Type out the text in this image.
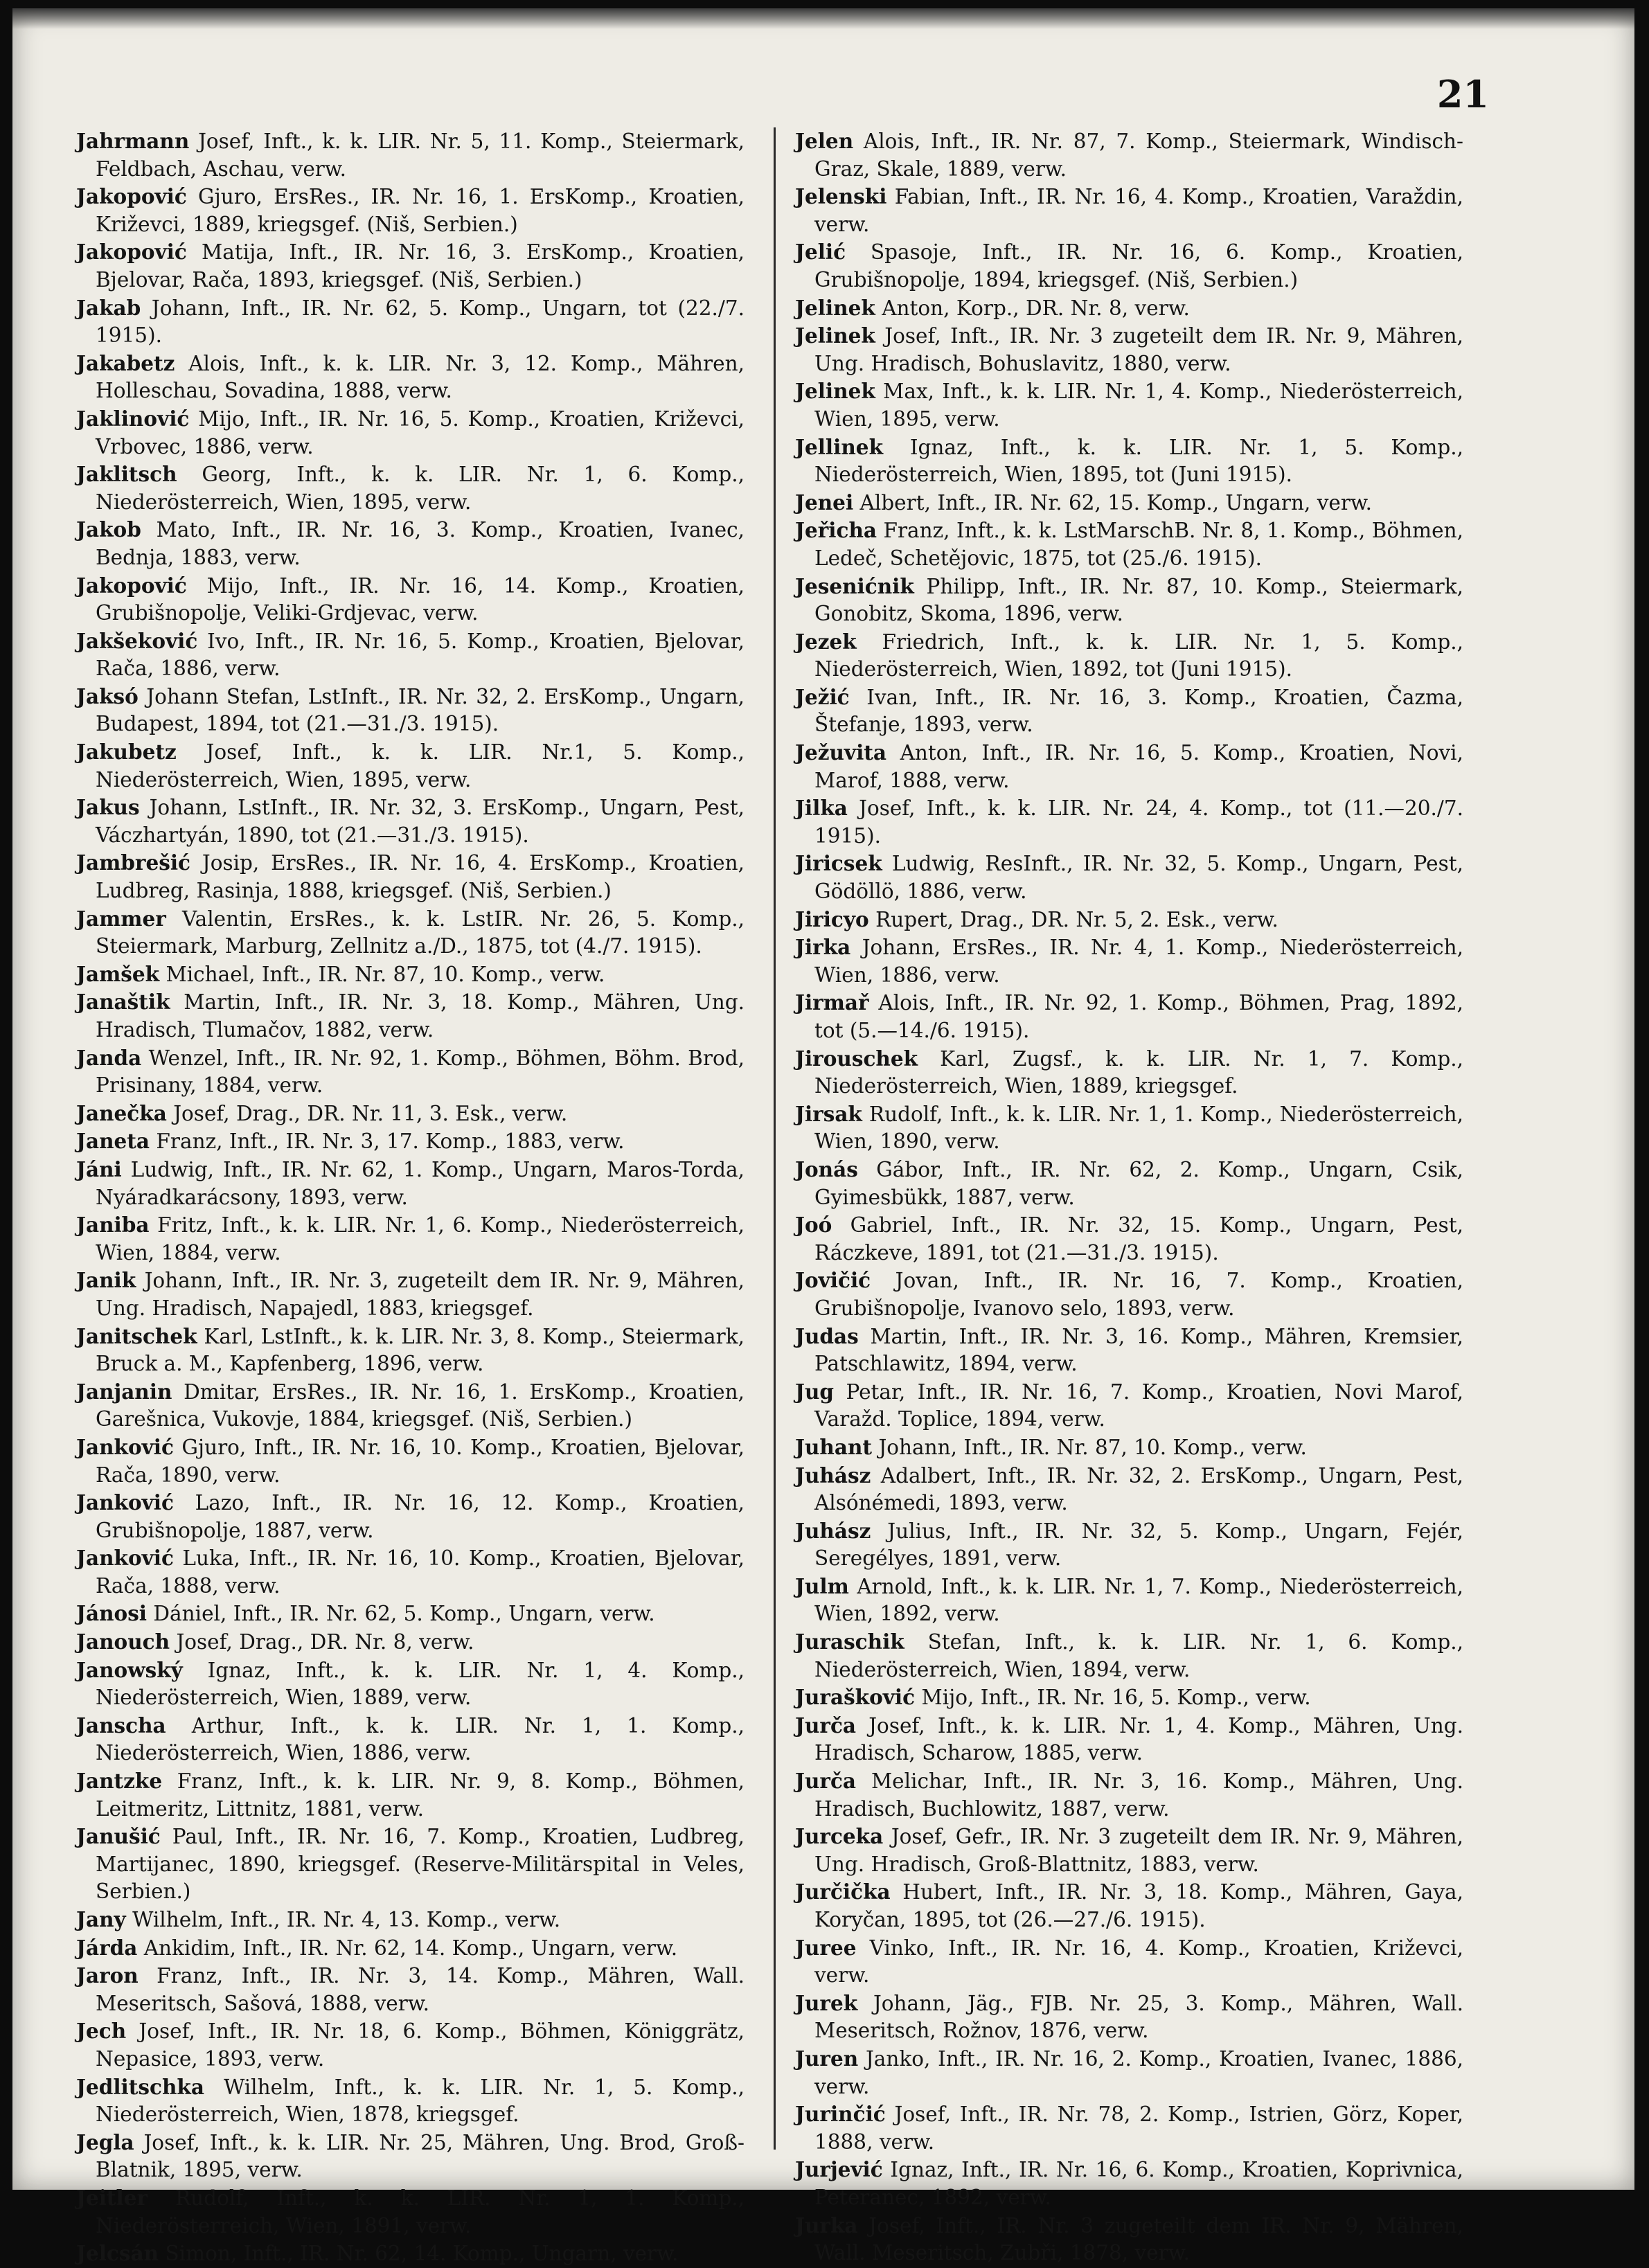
21

Jahrmann Josef, Inft., k. k. LIR. Nr. 5, 11. Komp., Steiermark, Feldbach, Aschau, verw.

Jakopović Gjuro, ErsRes., IR. Nr. 16, 1. ErsKomp., Kroatien, Križevci, 1889, kriegsgef. (Niš, Serbien.)

Jakopović Matija, Inft., IR. Nr. 16, 3. ErsKomp., Kroatien, Bjelovar, Rača, 1893, kriegsgef. (Niš, Serbien.)

Jakab Johann, Inft., IR. Nr. 62, 5. Komp., Ungarn, tot (22./7. 1915).

Jakabetz Alois, Inft., k. k. LIR. Nr. 3, 12. Komp., Mähren, Holleschau, Sovadina, 1888, verw.

Jaklinović Mijo, Inft., IR. Nr. 16, 5. Komp., Kroatien, Križevci, Vrbovec, 1886, verw.

Jaklitsch Georg, Inft., k. k. LIR. Nr. 1, 6. Komp., Niederösterreich, Wien, 1895, verw.

Jakob Mato, Inft., IR. Nr. 16, 3. Komp., Kroatien, Ivanec, Bednja, 1883, verw.

Jakopović Mijo, Inft., IR. Nr. 16, 14. Komp., Kroatien, Grubišnopolje, Veliki-Grdjevac, verw.

Jakšeković Ivo, Inft., IR. Nr. 16, 5. Komp., Kroatien, Bjelovar, Rača, 1886, verw.

Jaksó Johann Stefan, LstInft., IR. Nr. 32, 2. ErsKomp., Ungarn, Budapest, 1894, tot (21.—31./3. 1915).

Jakubetz Josef, Inft., k. k. LIR. Nr.1, 5. Komp., Niederösterreich, Wien, 1895, verw.

Jakus Johann, LstInft., IR. Nr. 32, 3. ErsKomp., Ungarn, Pest, Váczhartyán, 1890, tot (21.—31./3. 1915).

Jambrešić Josip, ErsRes., IR. Nr. 16, 4. ErsKomp., Kroatien, Ludbreg, Rasinja, 1888, kriegsgef. (Niš, Serbien.)

Jammer Valentin, ErsRes., k. k. LstIR. Nr. 26, 5. Komp., Steiermark, Marburg, Zellnitz a./D., 1875, tot (4./7. 1915).

Jamšek Michael, Inft., IR. Nr. 87, 10. Komp., verw.

Janaštik Martin, Inft., IR. Nr. 3, 18. Komp., Mähren, Ung. Hradisch, Tlumačov, 1882, verw.

Janda Wenzel, Inft., IR. Nr. 92, 1. Komp., Böhmen, Böhm. Brod, Prisinany, 1884, verw.

Janečka Josef, Drag., DR. Nr. 11, 3. Esk., verw.

Janeta Franz, Inft., IR. Nr. 3, 17. Komp., 1883, verw.

Jáni Ludwig, Inft., IR. Nr. 62, 1. Komp., Ungarn, Maros-Torda, Nyáradkarácsony, 1893, verw.

Janiba Fritz, Inft., k. k. LIR. Nr. 1, 6. Komp., Niederösterreich, Wien, 1884, verw.

Janik Johann, Inft., IR. Nr. 3, zugeteilt dem IR. Nr. 9, Mähren, Ung. Hradisch, Napajedl, 1883, kriegsgef.

Janitschek Karl, LstInft., k. k. LIR. Nr. 3, 8. Komp., Steiermark, Bruck a. M., Kapfenberg, 1896, verw.

Janjanin Dmitar, ErsRes., IR. Nr. 16, 1. ErsKomp., Kroatien, Garešnica, Vukovje, 1884, kriegsgef. (Niš, Serbien.)

Janković Gjuro, Inft., IR. Nr. 16, 10. Komp., Kroatien, Bjelovar, Rača, 1890, verw.

Janković Lazo, Inft., IR. Nr. 16, 12. Komp., Kroatien, Grubišnopolje, 1887, verw.

Janković Luka, Inft., IR. Nr. 16, 10. Komp., Kroatien, Bjelovar, Rača, 1888, verw.

Jánosi Dániel, Inft., IR. Nr. 62, 5. Komp., Ungarn, verw.

Janouch Josef, Drag., DR. Nr. 8, verw.

Janowský Ignaz, Inft., k. k. LIR. Nr. 1, 4. Komp., Niederösterreich, Wien, 1889, verw.

Janscha Arthur, Inft., k. k. LIR. Nr. 1, 1. Komp., Niederösterreich, Wien, 1886, verw.

Jantzke Franz, Inft., k. k. LIR. Nr. 9, 8. Komp., Böhmen, Leitmeritz, Littnitz, 1881, verw.

Janušić Paul, Inft., IR. Nr. 16, 7. Komp., Kroatien, Ludbreg, Martijanec, 1890, kriegsgef. (Reserve-Militärspital in Veles, Serbien.)

Jany Wilhelm, Inft., IR. Nr. 4, 13. Komp., verw.

Járda Ankidim, Inft., IR. Nr. 62, 14. Komp., Ungarn, verw.

Jaron Franz, Inft., IR. Nr. 3, 14. Komp., Mähren, Wall. Meseritsch, Sašová, 1888, verw.

Jech Josef, Inft., IR. Nr. 18, 6. Komp., Böhmen, Königgrätz, Nepasice, 1893, verw.

Jedlitschka Wilhelm, Inft., k. k. LIR. Nr. 1, 5. Komp., Niederösterreich, Wien, 1878, kriegsgef.

Jegla Josef, Inft., k. k. LIR. Nr. 25, Mähren, Ung. Brod, Groß-Blatnik, 1895, verw.

Jeitler Rudolf, Inft., k. k. LIR. Nr. 1, 1. Komp., Niederösterreich, Wien, 1891, verw.

Jelcsán Simon, Inft., IR. Nr. 62, 14. Komp., Ungarn, verw.

Jelen Alois, Inft., IR. Nr. 87, 7. Komp., Steiermark, Windisch-Graz, Skale, 1889, verw.

Jelenski Fabian, Inft., IR. Nr. 16, 4. Komp., Kroatien, Varaždin, verw.

Jelić Spasoje, Inft., IR. Nr. 16, 6. Komp., Kroatien, Grubišnopolje, 1894, kriegsgef. (Niš, Serbien.)

Jelinek Anton, Korp., DR. Nr. 8, verw.

Jelinek Josef, Inft., IR. Nr. 3 zugeteilt dem IR. Nr. 9, Mähren, Ung. Hradisch, Bohuslavitz, 1880, verw.

Jelinek Max, Inft., k. k. LIR. Nr. 1, 4. Komp., Niederösterreich, Wien, 1895, verw.

Jellinek Ignaz, Inft., k. k. LIR. Nr. 1, 5. Komp., Niederösterreich, Wien, 1895, tot (Juni 1915).

Jenei Albert, Inft., IR. Nr. 62, 15. Komp., Ungarn, verw.

Jeřicha Franz, Inft., k. k. LstMarschB. Nr. 8, 1. Komp., Böhmen, Ledeč, Schetějovic, 1875, tot (25./6. 1915).

Jesenićnik Philipp, Inft., IR. Nr. 87, 10. Komp., Steiermark, Gonobitz, Skoma, 1896, verw.

Jezek Friedrich, Inft., k. k. LIR. Nr. 1, 5. Komp., Niederösterreich, Wien, 1892, tot (Juni 1915).

Ježić Ivan, Inft., IR. Nr. 16, 3. Komp., Kroatien, Čazma, Štefanje, 1893, verw.

Ježuvita Anton, Inft., IR. Nr. 16, 5. Komp., Kroatien, Novi, Marof, 1888, verw.

Jilka Josef, Inft., k. k. LIR. Nr. 24, 4. Komp., tot (11.—20./7. 1915).

Jiricsek Ludwig, ResInft., IR. Nr. 32, 5. Komp., Ungarn, Pest, Gödöllö, 1886, verw.

Jiricyo Rupert, Drag., DR. Nr. 5, 2. Esk., verw.

Jirka Johann, ErsRes., IR. Nr. 4, 1. Komp., Niederösterreich, Wien, 1886, verw.

Jirmař Alois, Inft., IR. Nr. 92, 1. Komp., Böhmen, Prag, 1892, tot (5.—14./6. 1915).

Jirouschek Karl, Zugsf., k. k. LIR. Nr. 1, 7. Komp., Niederösterreich, Wien, 1889, kriegsgef.

Jirsak Rudolf, Inft., k. k. LIR. Nr. 1, 1. Komp., Niederösterreich, Wien, 1890, verw.

Jonás Gábor, Inft., IR. Nr. 62, 2. Komp., Ungarn, Csik, Gyimesbükk, 1887, verw.

Joó Gabriel, Inft., IR. Nr. 32, 15. Komp., Ungarn, Pest, Ráczkeve, 1891, tot (21.—31./3. 1915).

Jovičić Jovan, Inft., IR. Nr. 16, 7. Komp., Kroatien, Grubišnopolje, Ivanovo selo, 1893, verw.

Judas Martin, Inft., IR. Nr. 3, 16. Komp., Mähren, Kremsier, Patschlawitz, 1894, verw.

Jug Petar, Inft., IR. Nr. 16, 7. Komp., Kroatien, Novi Marof, Varažd. Toplice, 1894, verw.

Juhant Johann, Inft., IR. Nr. 87, 10. Komp., verw.

Juhász Adalbert, Inft., IR. Nr. 32, 2. ErsKomp., Ungarn, Pest, Alsónémedi, 1893, verw.

Juhász Julius, Inft., IR. Nr. 32, 5. Komp., Ungarn, Fejér, Seregélyes, 1891, verw.

Julm Arnold, Inft., k. k. LIR. Nr. 1, 7. Komp., Niederösterreich, Wien, 1892, verw.

Juraschik Stefan, Inft., k. k. LIR. Nr. 1, 6. Komp., Niederösterreich, Wien, 1894, verw.

Jurašković Mijo, Inft., IR. Nr. 16, 5. Komp., verw.

Jurča Josef, Inft., k. k. LIR. Nr. 1, 4. Komp., Mähren, Ung. Hradisch, Scharow, 1885, verw.

Jurča Melichar, Inft., IR. Nr. 3, 16. Komp., Mähren, Ung. Hradisch, Buchlowitz, 1887, verw.

Jurceka Josef, Gefr., IR. Nr. 3 zugeteilt dem IR. Nr. 9, Mähren, Ung. Hradisch, Groß-Blattnitz, 1883, verw.

Jurčička Hubert, Inft., IR. Nr. 3, 18. Komp., Mähren, Gaya, Koryčan, 1895, tot (26.—27./6. 1915).

Juree Vinko, Inft., IR. Nr. 16, 4. Komp., Kroatien, Križevci, verw.

Jurek Johann, Jäg., FJB. Nr. 25, 3. Komp., Mähren, Wall. Meseritsch, Rožnov, 1876, verw.

Juren Janko, Inft., IR. Nr. 16, 2. Komp., Kroatien, Ivanec, 1886, verw.

Jurinčić Josef, Inft., IR. Nr. 78, 2. Komp., Istrien, Görz, Koper, 1888, verw.

Jurjević Ignaz, Inft., IR. Nr. 16, 6. Komp., Kroatien, Koprivnica, Peteranec, 1892, verw.

Jurka Josef, Inft., IR. Nr. 3 zugeteilt dem IR. Nr. 9, Mähren, Wall. Meseritsch, Zubři, 1878, verw.
